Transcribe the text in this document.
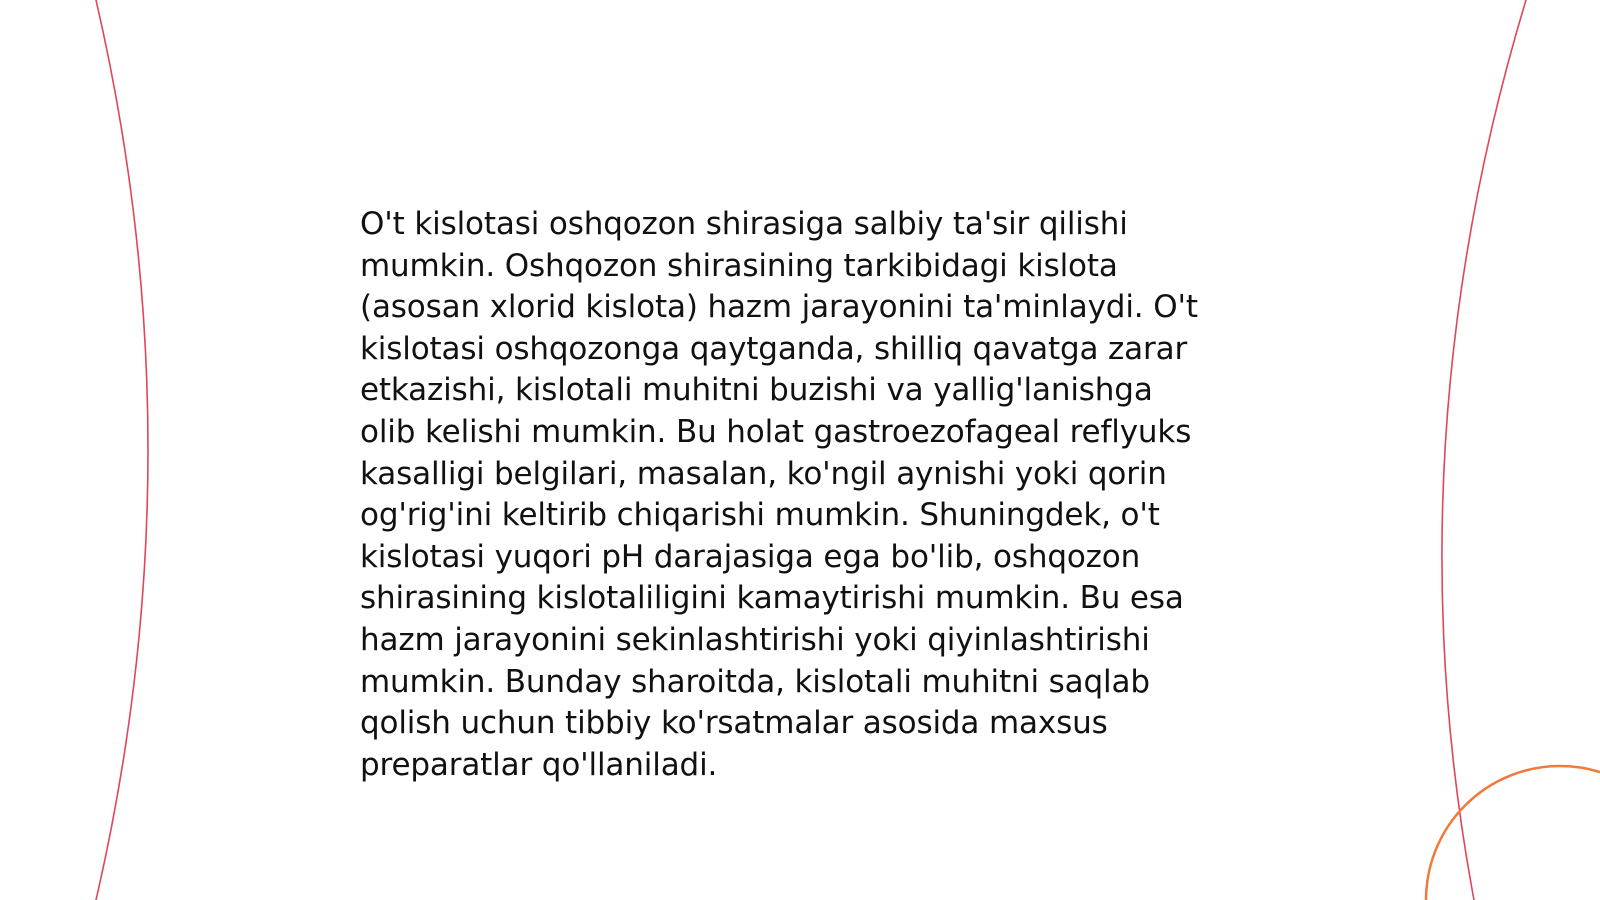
O't kislotasi oshqozon shirasiga salbiy ta'sir qilishi
mumkin. Oshqozon shirasining tarkibidagi kislota
(asosan xlorid kislota) hazm jarayonini ta'minlaydi. O't
kislotasi oshqozonga qaytganda, shilliq qavatga zarar
etkazishi, kislotali muhitni buzishi va yallig'lanishga
olib kelishi mumkin. Bu holat gastroezofageal reflyuks
kasalligi belgilari, masalan, ko'ngil aynishi yoki qorin
og'rig'ini keltirib chiqarishi mumkin. Shuningdek, o't
kislotasi yuqori pH darajasiga ega bo'lib, oshqozon
shirasining kislotaliligini kamaytirishi mumkin. Bu esa
hazm jarayonini sekinlashtirishi yoki qiyinlashtirishi
mumkin. Bunday sharoitda, kislotali muhitni saqlab
qolish uchun tibbiy ko'rsatmalar asosida maxsus
preparatlar qo'llaniladi.
